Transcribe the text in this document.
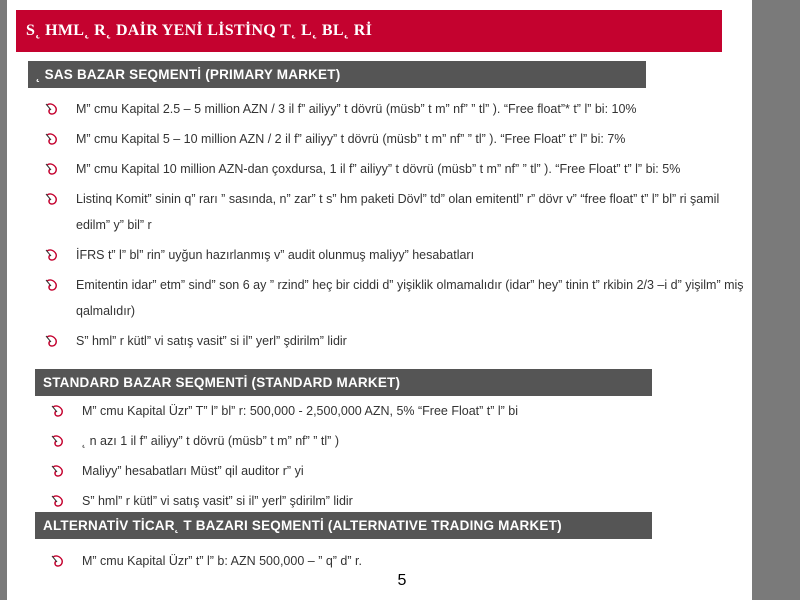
S˛ HML˛ R˛ DAİR YENİ LİSTİNQ T˛ L˛ BL˛ Rİ
˛ SAS BAZAR SEQMENTİ (PRIMARY MARKET)
M” cmu Kapital 2.5 – 5 million AZN / 3 il f” ailiyy” t dövrü (müsb” t m” nf” ” tl” ). “Free float”* t” l” bi: 10%
M” cmu Kapital 5 – 10 million AZN / 2 il f” ailiyy” t dövrü (müsb” t m” nf” ” tl” ). “Free Float” t” l” bi: 7%
M” cmu Kapital 10 million AZN-dan çoxdursa, 1 il f” ailiyy” t dövrü (müsb” t m” nf” ” tl” ). “Free Float” t” l” bi: 5%
Listinq Komit” sinin q” rarı ” sasında, n” zar” t s” hm paketi Dövl” td” olan emitentl” r” dövr v” “free float” t” l” bl” ri şamil edilm” y” bil” r
İFRS t” l” bl” rin” uyğun hazırlanmış v” audit olunmuş maliyy” hesabatları
Emitentin idar” etm” sind” son 6 ay ” rzind” heç bir ciddi d” yişiklik olmamalıdır (idar” hey” tinin t” rkibin 2/3 –i d” yişilm” miş qalmalıdır)
S” hml” r kütl” vi satış vasit” si il” yerl” şdirilm” lidir
STANDARD BAZAR SEQMENTİ (STANDARD MARKET)
M” cmu Kapital Üzr” T” l” bl” r: 500,000 - 2,500,000 AZN, 5% “Free Float” t” l” bi
˛ n azı 1 il f” ailiyy” t dövrü (müsb” t m” nf” ” tl” )
Maliyy” hesabatları Müst” qil auditor r” yi
S” hml” r kütl” vi satış vasit” si il” yerl” şdirilm” lidir
ALTERNATİV TİCAR˛ T BAZARI SEQMENTİ (ALTERNATIVE TRADING MARKET)
M” cmu Kapital Üzr” t” l” b: AZN 500,000 – ” q” d” r.
5
